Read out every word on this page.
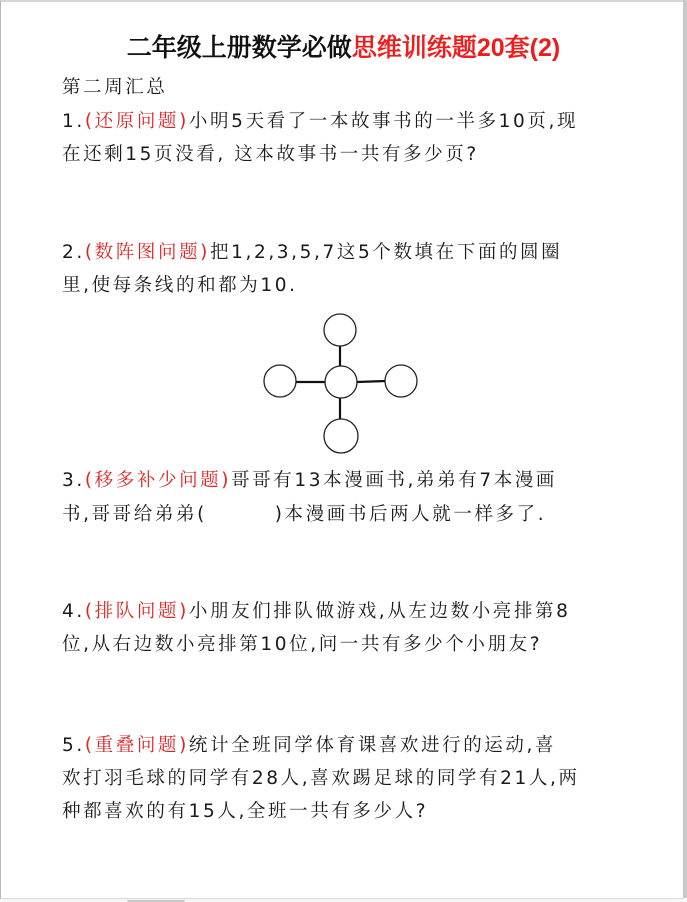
二年级上册数学必做思维训练题20套(2)
第二周汇总
1.(还原问题)小明5天看了一本故事书的一半多10页,现
在还剩15页没看, 这本故事书一共有多少页?
2.(数阵图问题)把1,2,3,5,7这5个数填在下面的圆圈
里,使每条线的和都为10.
3.(移多补少问题)哥哥有13本漫画书,弟弟有7本漫画
书,哥哥给弟弟(        )本漫画书后两人就一样多了.
4.(排队问题)小朋友们排队做游戏,从左边数小亮排第8
位,从右边数小亮排第10位,问一共有多少个小朋友?
5.(重叠问题)统计全班同学体育课喜欢进行的运动,喜
欢打羽毛球的同学有28人,喜欢踢足球的同学有21人,两
种都喜欢的有15人,全班一共有多少人?
